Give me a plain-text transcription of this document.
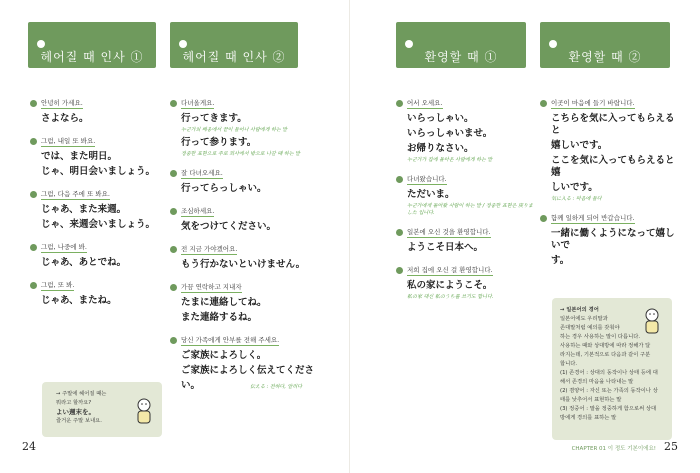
헤어질 때 인사 ①	헤어질 때 인사 ②
안녕히 가세요.
さよなら。
그럼, 내일 또 봐요.
では、また明日。
じゃ、明日会いましょう。
그럼, 다음 주에 또 봐요.
じゃあ、また来週。
じゃ、来週会いましょう。
그럼, 나중에 봐.
じゃあ、あとでね。
그럼, 또 봐.
じゃあ、またね。
다녀올게요.
行ってきます。
누군가의 배웅에서 끝이 들어나 사람에게 하는 말
行って参ります。
정중한 표현으로 주로 회사에서 밖으로 나갈 때 하는 말
잘 다녀오세요.
行ってらっしゃい。
조심하세요.
気をつけてください。
전 지금 가야겠어요.
もう行かないといけません。
가끔 연락하고 지내자
たまに連絡してね。
また連絡するね。
당신 가족에게 안부를 전해 주세요.
ご家族によろしく。
ご家族によろしく伝えてくださ
い。	伝える : 전하다, 알리다
→ 주말에 헤어질 때는
뭐라고 할까요?
よい週末を。
즐거운 주말 보내요.
24
환영할 때 ①	환영할 때 ②
어서 오세요.
いらっしゃい。
いらっしゃいませ。
お帰りなさい。
누군가가 집에 돌아온 사람에게 하는 말
다녀왔습니다.
ただいま。
누군가에게 돌아왔 사람이 하는 말 / 정중한 표현은 戻りました 입니다.
일본에 오신 것을 환영합니다.
ようこそ日本へ。
저희 집에 오신 걸 환영합니다.
私の家にようこそ。
私の家 대신 私のうち를 쓰기도 합니다.
이곳이 마음에 들기 바랍니다.
こちらを気に入ってもらえると
嬉しいです。
ここを気に入ってもらえると嬉
しいです。
気に入る : 마음에 들다
함께 일하게 되어 반갑습니다.
一緒に働くようになって嬉しいで
す。
→ 일본어의 경어
일본어에도 우리말과
존대말처럼 예의를 갖춰야
하는 경우 사용하는 말이 다릅니다.
사용하는 때와 상대방에 따라 정해가 달
라지는데, 기본적으로 다음과 같이 구분
합니다.
(1) 존경어 : 상대의 동작이나 상태 등에 대
해서 존경의 마음을 나타내는 말
(2) 겸양어 : 자신 또는 가족의 동작이나 상
태를 낮추어서 표현하는 말
(3) 정중어 : 말을 정중하게 함으로써 상대
방에게 경의를 표하는 말
CHAPTER 01 이 정도 기본이에요! 25
